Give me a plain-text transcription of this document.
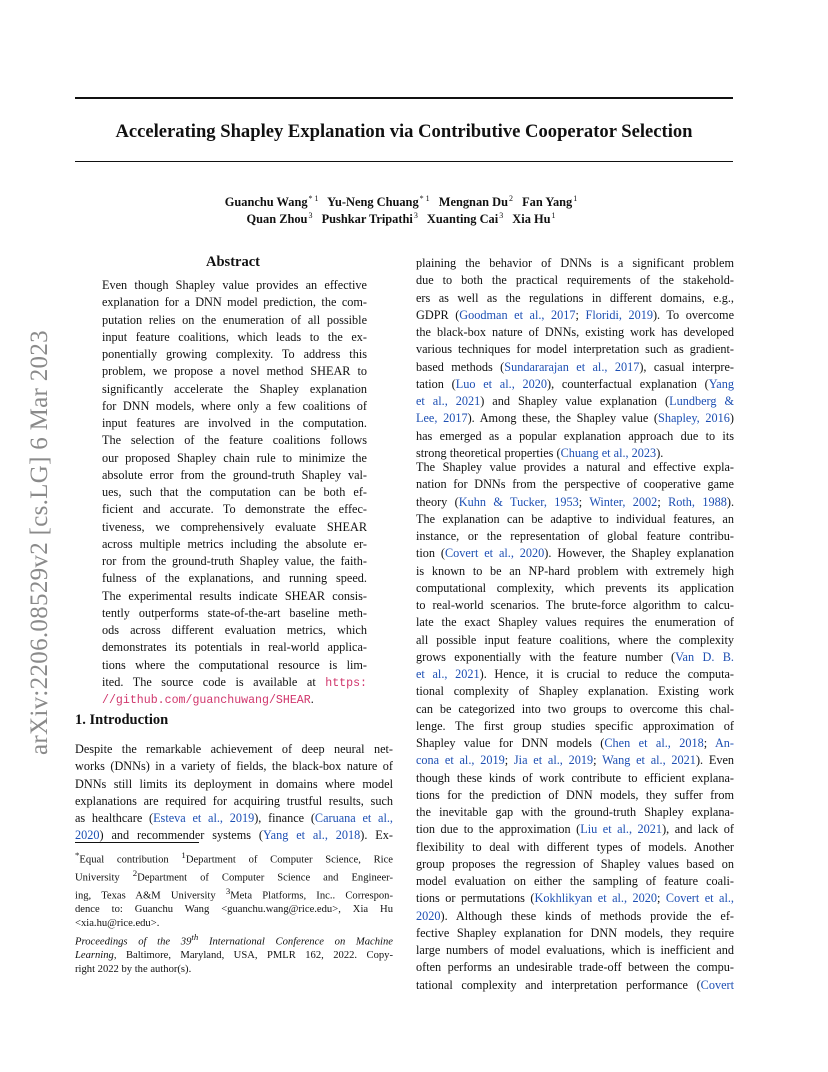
Accelerating Shapley Explanation via Contributive Cooperator Selection
Guanchu Wang$^{* 1}$ Yu-Neng Chuang$^{* 1}$ Mengnan Du$^2$ Fan Yang$^1$
Quan Zhou$^3$ Pushkar Tripathi$^3$ Xuanting Cai$^3$ Xia Hu$^1$
arXiv:2206.08529v2 [cs.LG] 6 Mar 2023
Abstract
Even though Shapley value provides an effective
explanation for a DNN model prediction, the com-
putation relies on the enumeration of all possible
input feature coalitions, which leads to the ex-
ponentially growing complexity. To address this
problem, we propose a novel method SHEAR to
significantly accelerate the Shapley explanation
for DNN models, where only a few coalitions of
input features are involved in the computation.
The selection of the feature coalitions follows
our proposed Shapley chain rule to minimize the
absolute error from the ground-truth Shapley val-
ues, such that the computation can be both ef-
ficient and accurate. To demonstrate the effec-
tiveness, we comprehensively evaluate SHEAR
across multiple metrics including the absolute er-
ror from the ground-truth Shapley value, the faith-
fulness of the explanations, and running speed.
The experimental results indicate SHEAR consis-
tently outperforms state-of-the-art baseline meth-
ods across different evaluation metrics, which
demonstrates its potentials in real-world applica-
tions where the computational resource is lim-
ited. The source code is available at https:
//github.com/guanchuwang/SHEAR.
1. Introduction
Despite the remarkable achievement of deep neural net-
works (DNNs) in a variety of fields, the black-box nature of
DNNs still limits its deployment in domains where model
explanations are required for acquiring trustful results, such
as healthcare (Esteva et al., 2019), finance (Caruana et al.,
2020) and recommender systems (Yang et al., 2018). Ex-
*Equal contribution $^1$Department of Computer Science, Rice
University $^2$Department of Computer Science and Engineer-
ing, Texas A&M University $^3$Meta Platforms, Inc.. Correspon-
dence to: Guanchu Wang <guanchu.wang@rice.edu>, Xia Hu
<xia.hu@rice.edu>.
Proceedings of the 39th International Conference on Machine
Learning, Baltimore, Maryland, USA, PMLR 162, 2022. Copy-
right 2022 by the author(s).
plaining the behavior of DNNs is a significant problem
due to both the practical requirements of the stakehold-
ers as well as the regulations in different domains, e.g.,
GDPR (Goodman et al., 2017; Floridi, 2019). To overcome
the black-box nature of DNNs, existing work has developed
various techniques for model interpretation such as gradient-
based methods (Sundararajan et al., 2017), casual interpre-
tation (Luo et al., 2020), counterfactual explanation (Yang
et al., 2021) and Shapley value explanation (Lundberg &
Lee, 2017). Among these, the Shapley value (Shapley, 2016)
has emerged as a popular explanation approach due to its
strong theoretical properties (Chuang et al., 2023).
The Shapley value provides a natural and effective expla-
nation for DNNs from the perspective of cooperative game
theory (Kuhn & Tucker, 1953; Winter, 2002; Roth, 1988).
The explanation can be adaptive to individual features, an
instance, or the representation of global feature contribu-
tion (Covert et al., 2020). However, the Shapley explanation
is known to be an NP-hard problem with extremely high
computational complexity, which prevents its application
to real-world scenarios. The brute-force algorithm to calcu-
late the exact Shapley values requires the enumeration of
all possible input feature coalitions, where the complexity
grows exponentially with the feature number (Van D. B.
et al., 2021). Hence, it is crucial to reduce the computa-
tional complexity of Shapley explanation. Existing work
can be categorized into two groups to overcome this chal-
lenge. The first group studies specific approximation of
Shapley value for DNN models (Chen et al., 2018; An-
cona et al., 2019; Jia et al., 2019; Wang et al., 2021). Even
though these kinds of work contribute to efficient explana-
tions for the prediction of DNN models, they suffer from
the inevitable gap with the ground-truth Shapley explana-
tion due to the approximation (Liu et al., 2021), and lack of
flexibility to deal with different types of models. Another
group proposes the regression of Shapley values based on
model evaluation on either the sampling of feature coali-
tions or permutations (Kokhlikyan et al., 2020; Covert et al.,
2020). Although these kinds of methods provide the ef-
fective Shapley explanation for DNN models, they require
large numbers of model evaluations, which is inefficient and
often performs an undesirable trade-off between the compu-
tational complexity and interpretation performance (Covert
